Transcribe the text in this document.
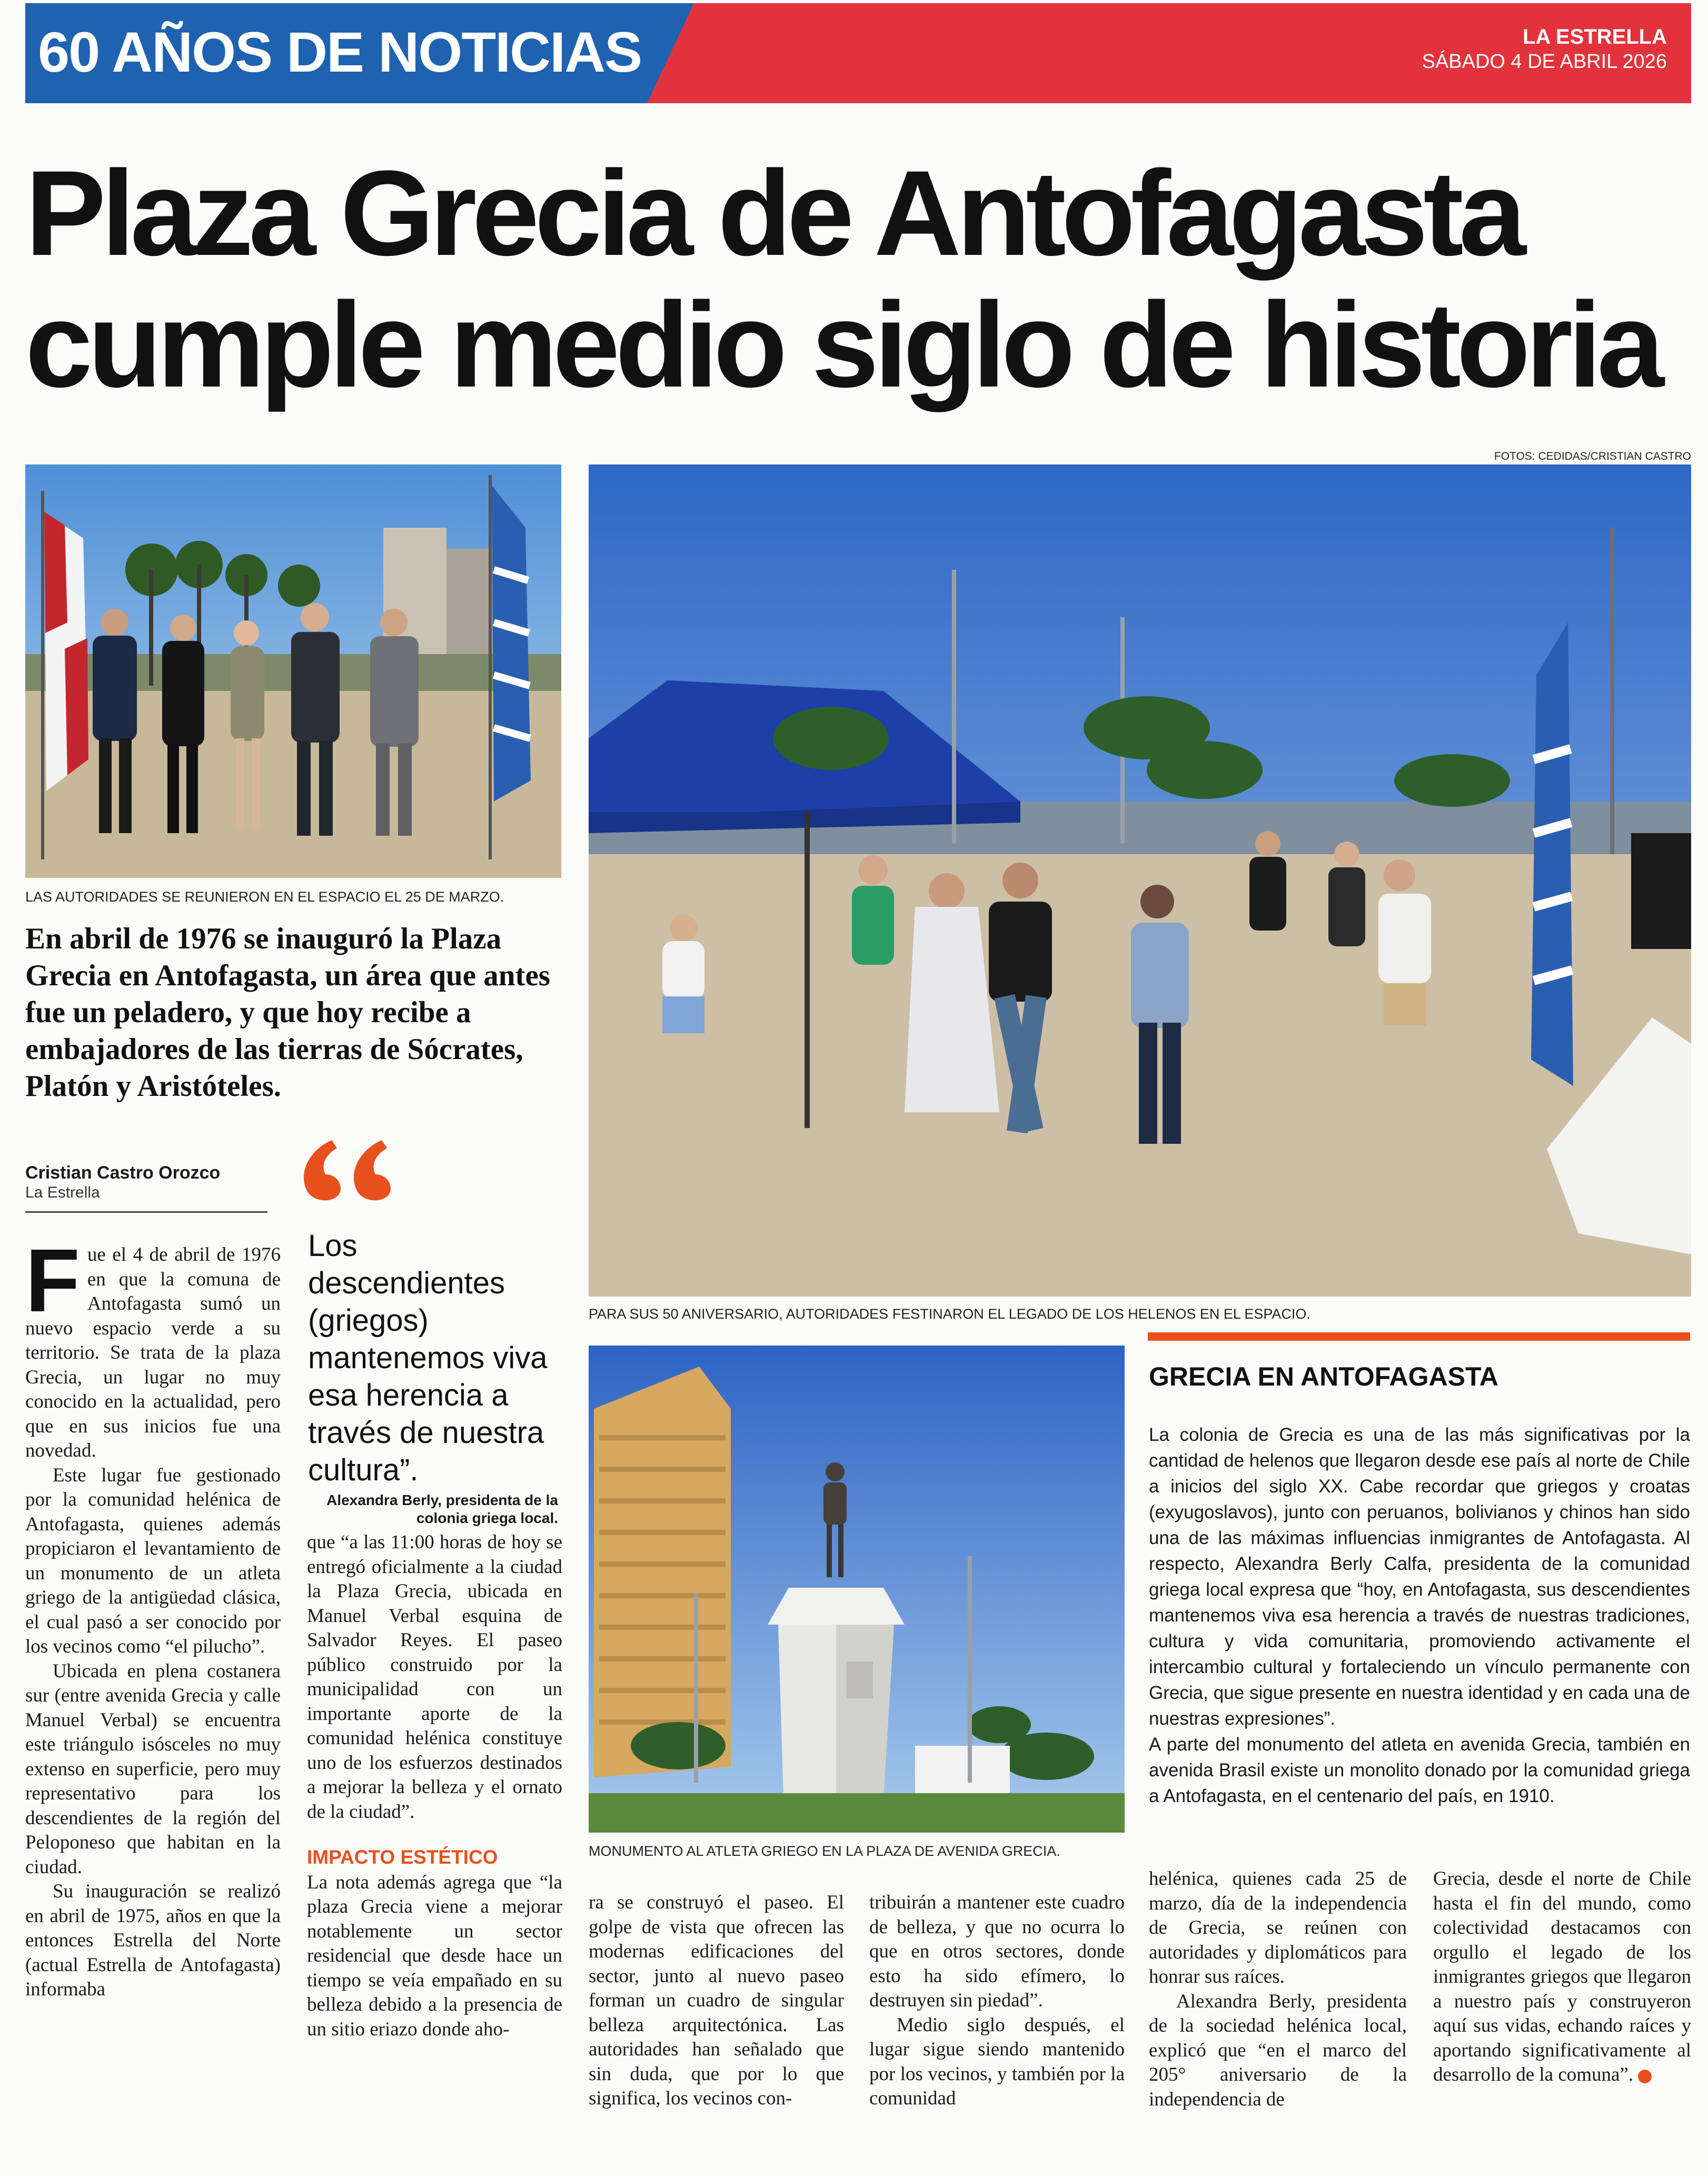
60 AÑOS DE NOTICIAS	LA ESTRELLA
SÁBADO 4 DE ABRIL 2026
Plaza Grecia de Antofagasta
cumple medio siglo de historia
FOTOS: CEDIDAS/CRISTIAN CASTRO
LAS AUTORIDADES SE REUNIERON EN EL ESPACIO EL 25 DE MARZO.
PARA SUS 50 ANIVERSARIO, AUTORIDADES FESTINARON EL LEGADO DE LOS HELENOS EN EL ESPACIO.
MONUMENTO AL ATLETA GRIEGO EN LA PLAZA DE AVENIDA GRECIA.
En abril de 1976 se inauguró la Plaza Grecia en Antofagasta, un área que antes fue un peladero, y que hoy recibe a embajadores de las tierras de Sócrates, Platón y Aristóteles.
Cristian Castro Orozco
La Estrella
Los descendientes (griegos) mantenemos viva esa herencia a través de nuestra cultura”.
Alexandra Berly, presidenta de la colonia griega local.

Fue el 4 de abril de 1976 en que la comuna de Antofagasta sumó un nuevo espacio verde a su territorio. Se trata de la plaza Grecia, un lugar no muy conocido en la actualidad, pero que en sus inicios fue una novedad.

Este lugar fue gestionado por la comunidad helénica de Antofagasta, quienes además propiciaron el levantamiento de un monumento de un atleta griego de la antigüedad clásica, el cual pasó a ser conocido por los vecinos como “el pilucho”.

Ubicada en plena costanera sur (entre avenida Grecia y calle Manuel Verbal) se encuentra este triángulo isósceles no muy extenso en superficie, pero muy representativo para los descendientes de la región del Peloponeso que habitan en la ciudad.

Su inauguración se realizó en abril de 1975, años en que la entonces Estrella del Norte (actual Estrella de Antofagasta) informaba

que “a las 11:00 horas de hoy se entregó oficialmente a la ciudad la Plaza Grecia, ubicada en Manuel Verbal esquina de Salvador Reyes. El paseo público construido por la municipalidad con un importante aporte de la comunidad helénica constituye uno de los esfuerzos destinados a mejorar la belleza y el ornato de la ciudad”.

IMPACTO ESTÉTICO

La nota además agrega que “la plaza Grecia viene a mejorar notablemente un sector residencial que desde hace un tiempo se veía empañado en su belleza debido a la presencia de un sitio eriazo donde aho-

ra se construyó el paseo. El golpe de vista que ofrecen las modernas edificaciones del sector, junto al nuevo paseo forman un cuadro de singular belleza arquitectónica. Las autoridades han señalado que sin duda, que por lo que significa, los vecinos con-

tribuirán a mantener este cuadro de belleza, y que no ocurra lo que en otros sectores, donde esto ha sido efímero, lo destruyen sin piedad”.

Medio siglo después, el lugar sigue siendo mantenido por los vecinos, y también por la comunidad

helénica, quienes cada 25 de marzo, día de la independencia de Grecia, se reúnen con autoridades y diplomáticos para honrar sus raíces.

Alexandra Berly, presidenta de la sociedad helénica local, explicó que “en el marco del 205° aniversario de la independencia de

Grecia, desde el norte de Chile hasta el fin del mundo, como colectividad destacamos con orgullo el legado de los inmigrantes griegos que llegaron a nuestro país y construyeron aquí sus vidas, echando raíces y aportando significativamente al desarrollo de la comuna”.

GRECIA EN ANTOFAGASTA

La colonia de Grecia es una de las más significativas por la cantidad de helenos que llegaron desde ese país al norte de Chile a inicios del siglo XX. Cabe recordar que griegos y croatas (exyugoslavos), junto con peruanos, bolivianos y chinos han sido una de las máximas influencias inmigrantes de Antofagasta. Al respecto, Alexandra Berly Calfa, presidenta de la comunidad griega local expresa que “hoy, en Antofagasta, sus descendientes mantenemos viva esa herencia a través de nuestras tradiciones, cultura y vida comunitaria, promoviendo activamente el intercambio cultural y fortaleciendo un vínculo permanente con Grecia, que sigue presente en nuestra identidad y en cada una de nuestras expresiones”.

A parte del monumento del atleta en avenida Grecia, también en avenida Brasil existe un monolito donado por la comunidad griega a Antofagasta, en el centenario del país, en 1910.
